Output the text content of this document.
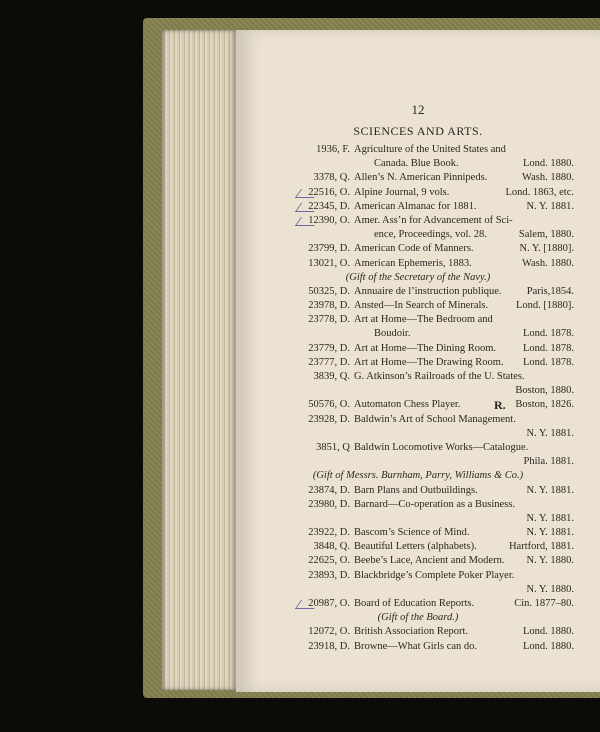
12
SCIENCES AND ARTS.
1936, F. Agriculture of the United States and
Canada. Blue Book.	Lond. 1880.
3378, Q. Allen’s N. American Pinnipeds.	Wash. 1880.
22516, O. Alpine Journal, 9 vols.	Lond. 1863, etc.
22345, D. American Almanac for 1881.	N. Y. 1881.
12390, O. Amer. Ass’n for Advancement of Sci-
ence, Proceedings, vol. 28.	Salem, 1880.
23799, D. American Code of Manners.	N. Y. [1880].
13021, O. American Ephemeris, 1883.	Wash. 1880.
(Gift of the Secretary of the Navy.)
50325, D. Annuaire de l’instruction publique. Paris,1854.
23978, D. Ansted—In Search of Minerals.	Lond. [1880].
23778, D. Art at Home—The Bedroom and
Boudoir.	Lond. 1878.
23779, D. Art at Home—The Dining Room.	Lond. 1878.
23777, D. Art at Home—The Drawing Room. Lond. 1878.
3839, Q. G. Atkinson’s Railroads of the U. States.
Boston, 1880.
50576, O. Automaton Chess Player.	R. Boston, 1826.
23928, D. Baldwin’s Art of School Management.
N. Y. 1881.
3851, Q Baldwin Locomotive Works—Catalogue.
Phila. 1881.
(Gift of Messrs. Burnham, Parry, Williams & Co.)
23874, D. Barn Plans and Outbuildings.	N. Y. 1881.
23980, D. Barnard—Co-operation as a Business.
N. Y. 1881.
23922, D. Bascom’s Science of Mind.	N. Y. 1881.
3848, Q. Beautiful Letters (alphabets).	Hartford, 1881.
22625, O. Beebe’s Lace, Ancient and Modern. N. Y. 1880.
23893, D. Blackbridge’s Complete Poker Player.
N. Y. 1880.
20987, O. Board of Education Reports.	Cin. 1877–80.
(Gift of the Board.)
12072, O. British Association Report.	Lond. 1880.
23918, D. Browne—What Girls can do.	Lond. 1880.
